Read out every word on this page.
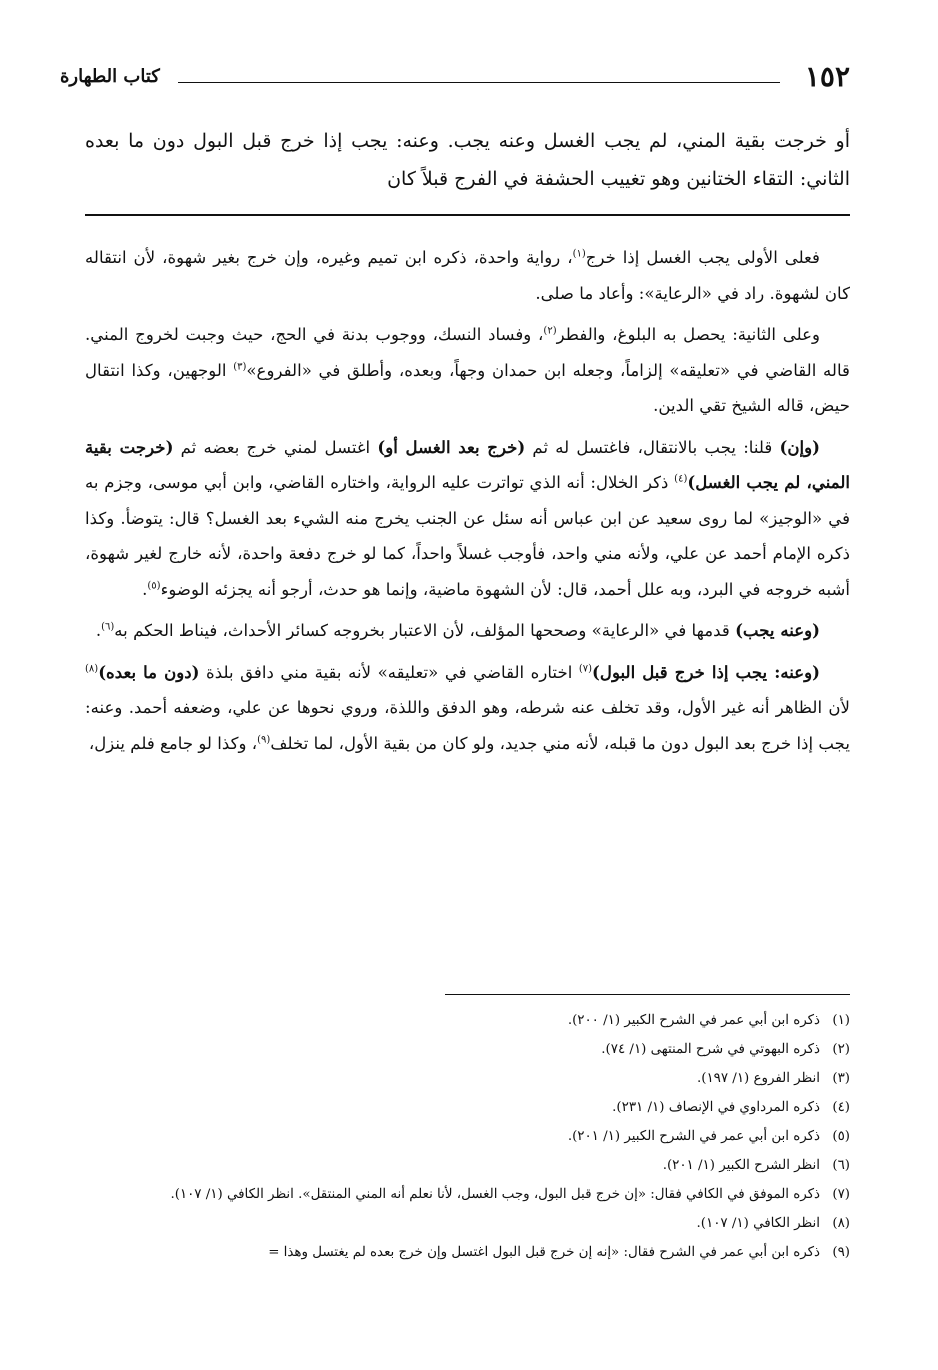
١٥٢
كتاب الطهارة
أو خرجت بقية المني، لم يجب الغسل وعنه يجب. وعنه: يجب إذا خرج قبل البول دون ما بعده الثاني: التقاء الختانين وهو تغييب الحشفة في الفرج قبلاً كان

فعلى الأولى يجب الغسل إذا خرج$^{(١)}$، رواية واحدة، ذكره ابن تميم وغيره، وإن خرج بغير شهوة، لأن انتقاله كان لشهوة. راد في «الرعاية»: وأعاد ما صلى.

وعلى الثانية: يحصل به البلوغ، والفطر$^{(٢)}$، وفساد النسك، ووجوب بدنة في الحج، حيث وجبت لخروج المني. قاله القاضي في «تعليقه» إلزاماً، وجعله ابن حمدان وجهاً، وبعده، وأطلق في «الفروع»$^{(٣)}$ الوجهين، وكذا انتقال حيض، قاله الشيخ تقي الدين.

(وإن) قلنا: يجب بالانتقال، فاغتسل له ثم (خرج بعد الغسل أو) اغتسل لمني خرج بعضه ثم (خرجت بقية المني، لم يجب الغسل)$^{(٤)}$ ذكر الخلال: أنه الذي تواترت عليه الرواية، واختاره القاضي، وابن أبي موسى، وجزم به في «الوجيز» لما روى سعيد عن ابن عباس أنه سئل عن الجنب يخرج منه الشيء بعد الغسل؟ قال: يتوضأ. وكذا ذكره الإمام أحمد عن علي، ولأنه مني واحد، فأوجب غسلاً واحداً، كما لو خرج دفعة واحدة، لأنه خارج لغير شهوة، أشبه خروجه في البرد، وبه علل أحمد، قال: لأن الشهوة ماضية، وإنما هو حدث، أرجو أنه يجزئه الوضوء$^{(٥)}$.

(وعنه يجب) قدمها في «الرعاية» وصححها المؤلف، لأن الاعتبار بخروجه كسائر الأحداث، فيناط الحكم به$^{(٦)}$.

(وعنه: يجب إذا خرج قبل البول)$^{(٧)}$ اختاره القاضي في «تعليقه» لأنه بقية مني دافق بلذة (دون ما بعده)$^{(٨)}$ لأن الظاهر أنه غير الأول، وقد تخلف عنه شرطه، وهو الدفق واللذة، وروي نحوها عن علي، وضعفه أحمد. وعنه: يجب إذا خرج بعد البول دون ما قبله، لأنه مني جديد، ولو كان من بقية الأول، لما تخلف$^{(٩)}$، وكذا لو جامع فلم ينزل،

(١)
ذكره ابن أبي عمر في الشرح الكبير (١/ ٢٠٠).
(٢)
ذكره البهوتي في شرح المنتهى (١/ ٧٤).
(٣)
انظر الفروع (١/ ١٩٧).
(٤)
ذكره المرداوي في الإنصاف (١/ ٢٣١).
(٥)
ذكره ابن أبي عمر في الشرح الكبير (١/ ٢٠١).
(٦)
انظر الشرح الكبير (١/ ٢٠١).
(٧)
ذكره الموفق في الكافي فقال: «إن خرج قبل البول، وجب الغسل، لأنا نعلم أنه المني المنتقل». انظر الكافي (١/ ١٠٧).
(٨)
انظر الكافي (١/ ١٠٧).
(٩)
ذكره ابن أبي عمر في الشرح فقال: «إنه إن خرج قبل البول اغتسل وإن خرج بعده لم يغتسل وهذا =
